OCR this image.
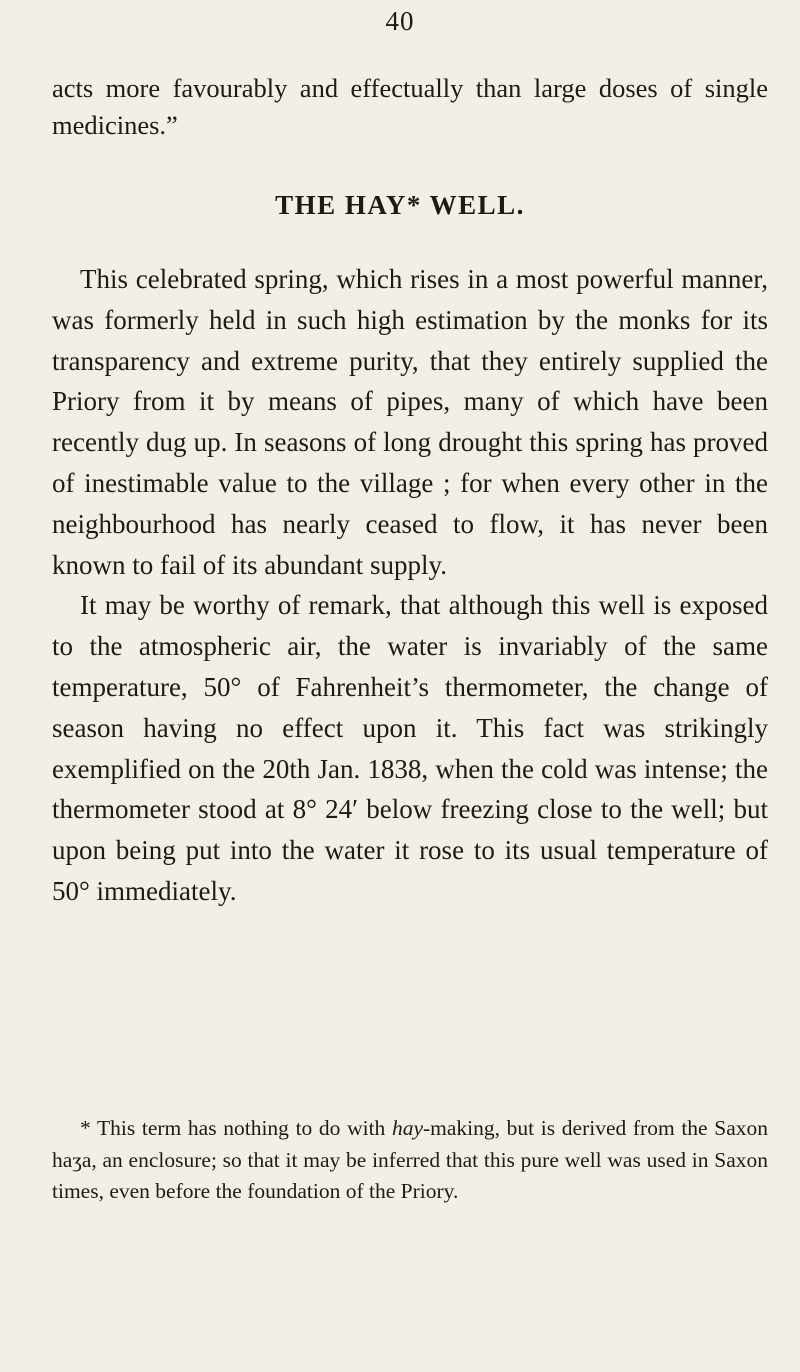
40

acts more favourably and effectually than large doses of single medicines.”

THE HAY* WELL.

This celebrated spring, which rises in a most powerful manner, was formerly held in such high estimation by the monks for its transparency and extreme purity, that they entirely supplied the Priory from it by means of pipes, many of which have been recently dug up. In seasons of long drought this spring has proved of inestimable value to the village ; for when every other in the neighbourhood has nearly ceased to flow, it has never been known to fail of its abundant supply.

It may be worthy of remark, that although this well is exposed to the atmospheric air, the water is invariably of the same temperature, 50° of Fahrenheit’s thermometer, the change of season having no effect upon it. This fact was strikingly exemplified on the 20th Jan. 1838, when the cold was intense; the thermometer stood at 8° 24′ below freezing close to the well; but upon being put into the water it rose to its usual temperature of 50° immediately.

* This term has nothing to do with hay-making, but is derived from the Saxon haʒa, an enclosure; so that it may be inferred that this pure well was used in Saxon times, even before the foundation of the Priory.
